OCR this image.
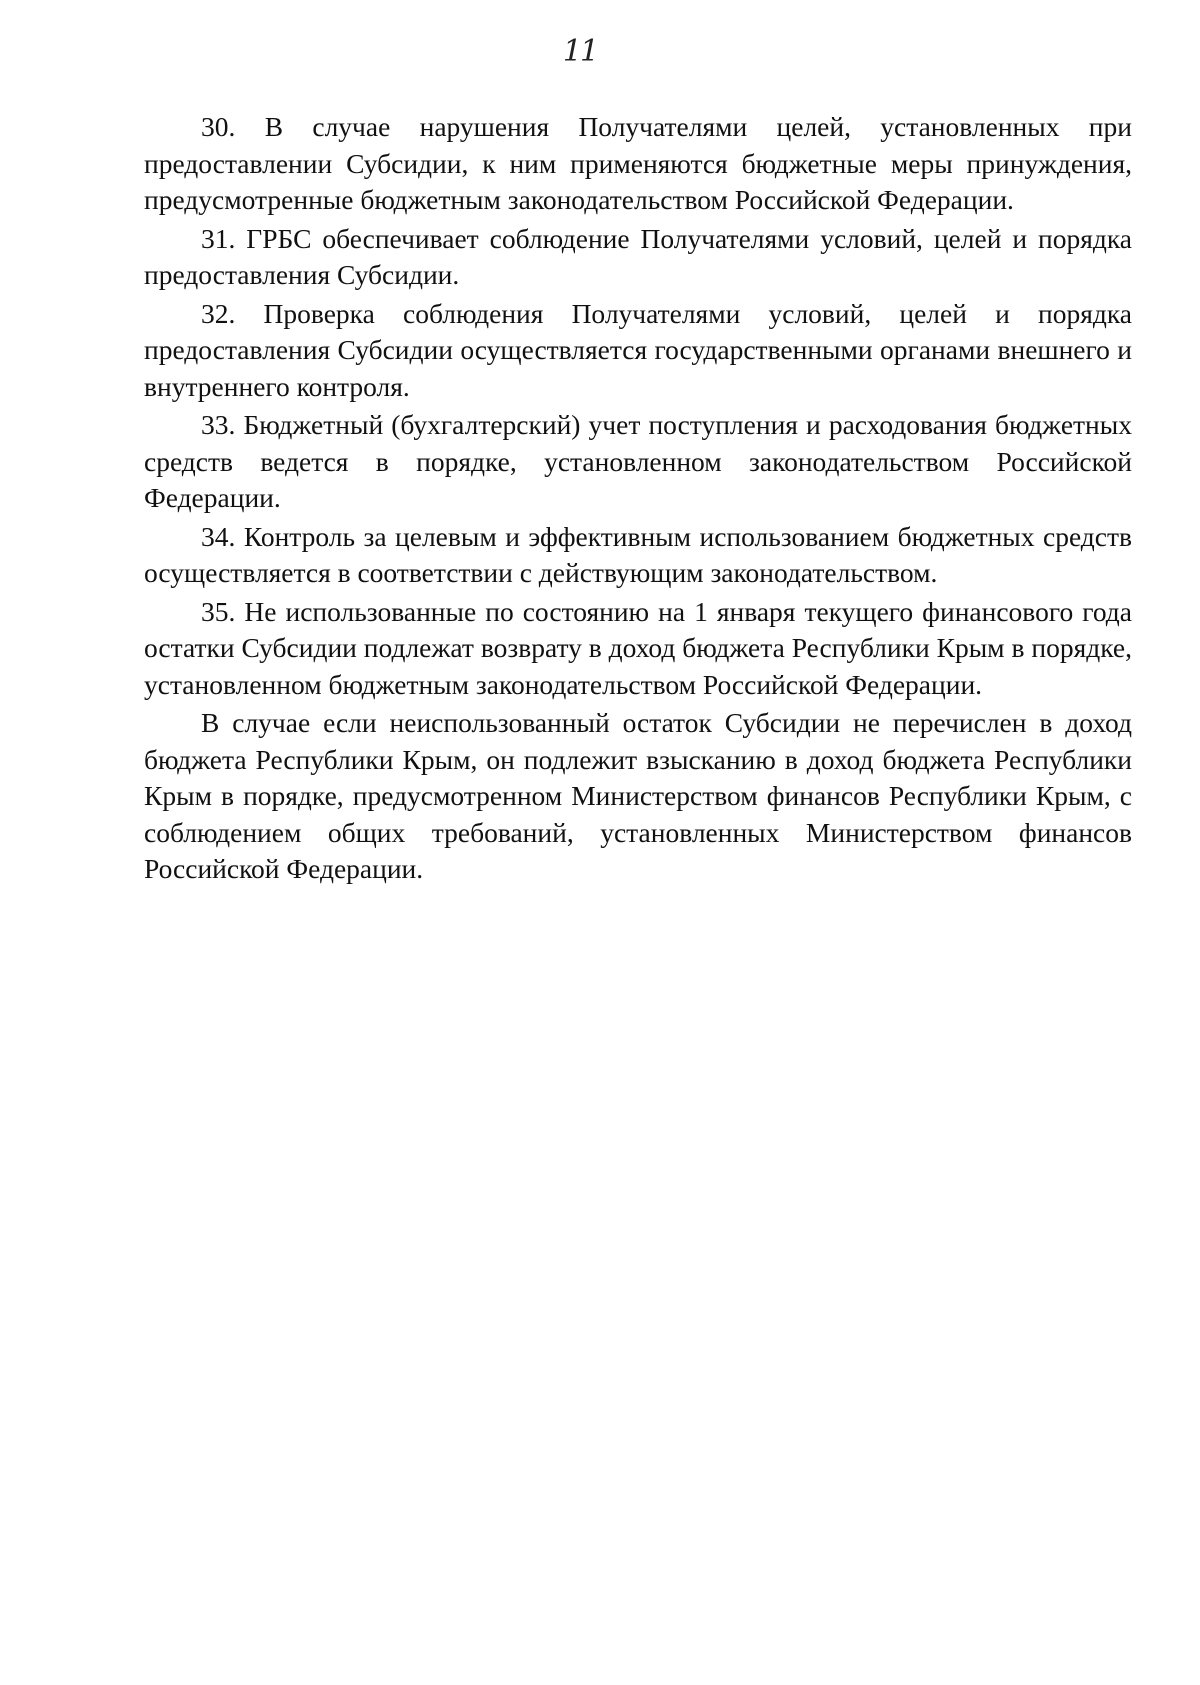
11

30. В случае нарушения Получателями целей, установленных при предоставлении Субсидии, к ним применяются бюджетные меры принуждения, предусмотренные бюджетным законодательством Российской Федерации.

31. ГРБС обеспечивает соблюдение Получателями условий, целей и порядка предоставления Субсидии.

32. Проверка соблюдения Получателями условий, целей и порядка предоставления Субсидии осуществляется государственными органами внешнего и внутреннего контроля.

33. Бюджетный (бухгалтерский) учет поступления и расходования бюджетных средств ведется в порядке, установленном законодательством Российской Федерации.

34. Контроль за целевым и эффективным использованием бюджетных средств осуществляется в соответствии с действующим законодательством.

35. Не использованные по состоянию на 1 января текущего финансового года остатки Субсидии подлежат возврату в доход бюджета Республики Крым в порядке, установленном бюджетным законодательством Российской Федерации.

В случае если неиспользованный остаток Субсидии не перечислен в доход бюджета Республики Крым, он подлежит взысканию в доход бюджета Республики Крым в порядке, предусмотренном Министерством финансов Республики Крым, с соблюдением общих требований, установленных Министерством финансов Российской Федерации.
